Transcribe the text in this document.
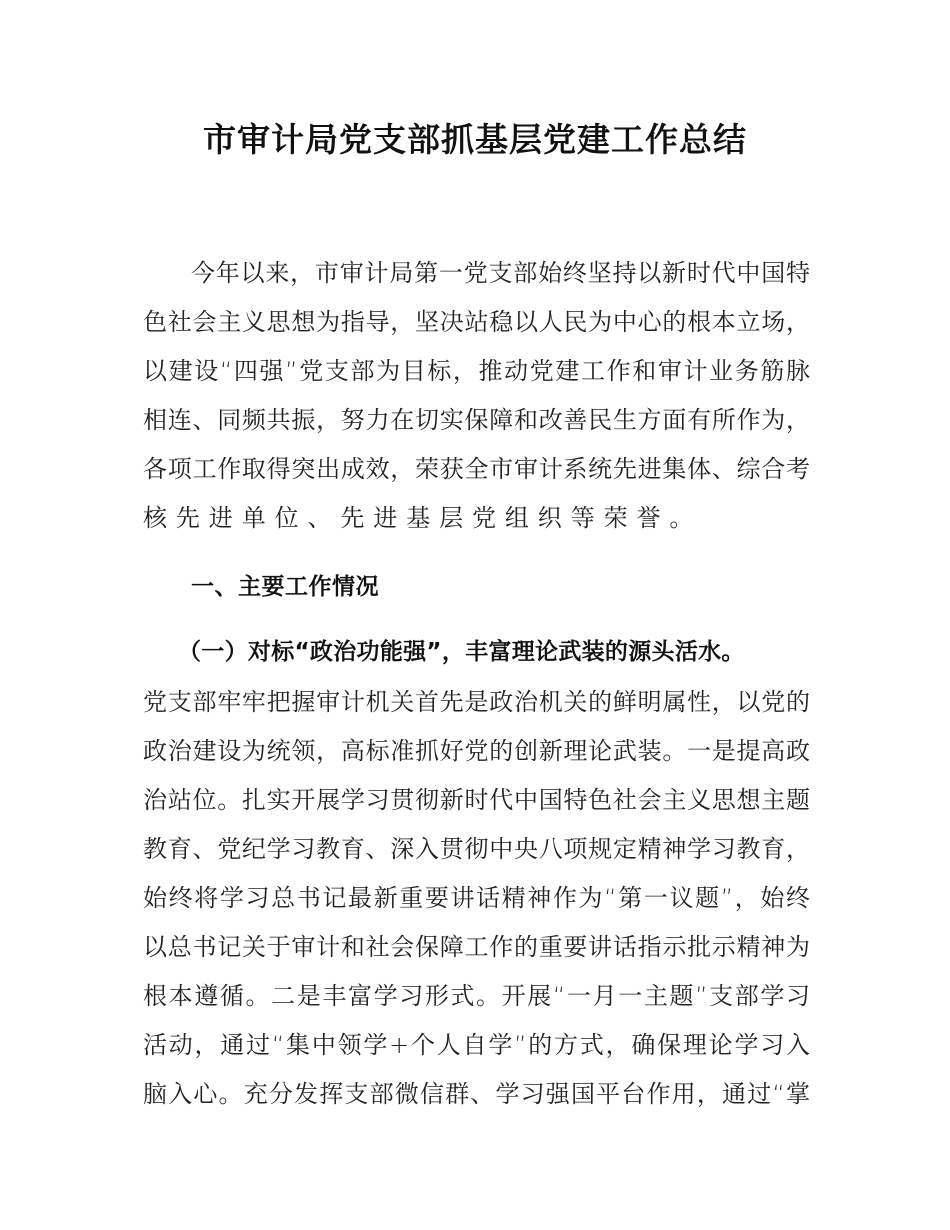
市审计局党支部抓基层党建工作总结
今年以来，市审计局第一党支部始终坚持以新时代中国特
色社会主义思想为指导，坚决站稳以人民为中心的根本立场，
以建设“四强”党支部为目标，推动党建工作和审计业务筋脉
相连、同频共振，努力在切实保障和改善民生方面有所作为，
各项工作取得突出成效，荣获全市审计系统先进集体、综合考
核先进单位、先进基层党组织等荣誉。
一、主要工作情况
（一）对标“政治功能强”，丰富理论武装的源头活水。
党支部牢牢把握审计机关首先是政治机关的鲜明属性，以党的
政治建设为统领，高标准抓好党的创新理论武装。一是提高政
治站位。扎实开展学习贯彻新时代中国特色社会主义思想主题
教育、党纪学习教育、深入贯彻中央八项规定精神学习教育，
始终将学习总书记最新重要讲话精神作为“第一议题”，始终
以总书记关于审计和社会保障工作的重要讲话指示批示精神为
根本遵循。二是丰富学习形式。开展“一月一主题”支部学习
活动，通过“集中领学+个人自学”的方式，确保理论学习入
脑入心。充分发挥支部微信群、学习强国平台作用，通过“掌
